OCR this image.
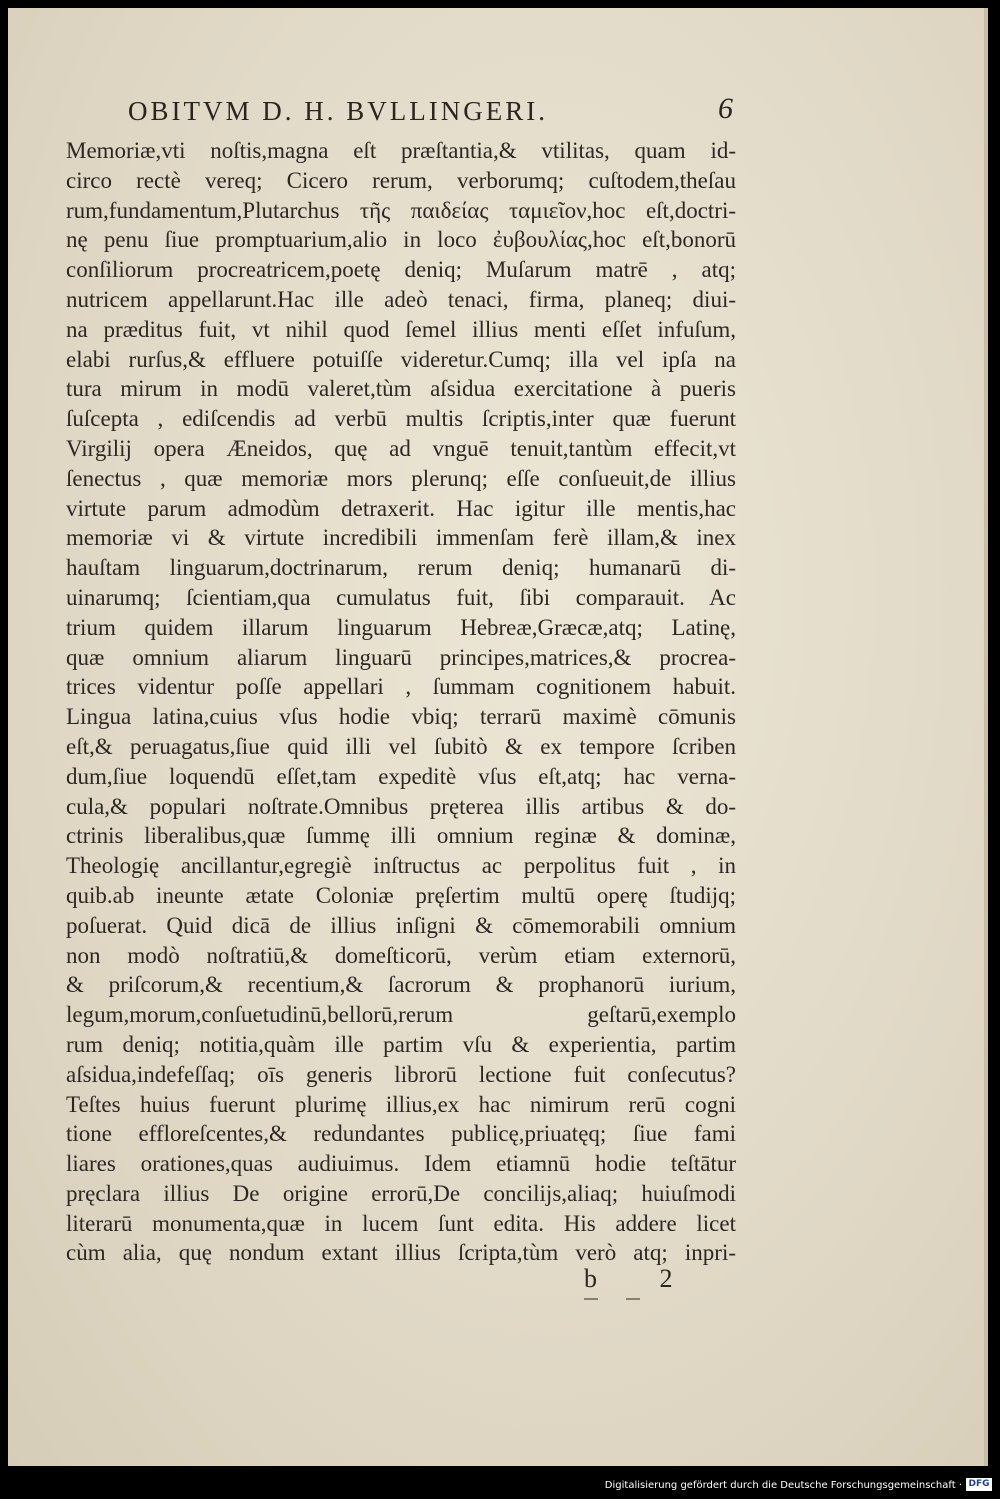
OBITVM D. H. BVLLINGERI.	6
Memoriæ,vti noſtis,magna eſt præſtantia,& vtilitas, quam id-
circo rectè vereq; Cicero rerum, verborumq; cuſtodem,theſau
rum,fundamentum,Plutarchus τῆς παιδείας ταμιεῖον,hoc eſt,doctri-
nę penu ſiue promptuarium,alio in loco ἐυβουλίας,hoc eſt,bonorū
conſiliorum procreatricem,poetę deniq; Muſarum matrē , atq;
nutricem appellarunt.Hac ille adeò tenaci, firma, planeq; diui-
na præditus fuit, vt nihil quod ſemel illius menti eſſet infuſum,
elabi rurſus,& effluere potuiſſe videretur.Cumq; illa vel ipſa na
tura mirum in modū valeret,tùm aſsidua exercitatione à pueris
ſuſcepta , ediſcendis ad verbū multis ſcriptis,inter quæ fuerunt
Virgilij opera Æneidos, quę ad vnguē tenuit,tantùm effecit,vt
ſenectus , quæ memoriæ mors plerunq; eſſe conſueuit,de illius
virtute parum admodùm detraxerit. Hac igitur ille mentis,hac
memoriæ vi & virtute incredibili immenſam ferè illam,& inex
hauſtam linguarum,doctrinarum, rerum deniq; humanarū di-
uinarumq; ſcientiam,qua cumulatus fuit, ſibi comparauit. Ac
trium quidem illarum linguarum Hebreæ,Græcæ,atq; Latinę,
quæ omnium aliarum linguarū principes,matrices,& procrea-
trices videntur poſſe appellari , ſummam cognitionem habuit.
Lingua latina,cuius vſus hodie vbiq; terrarū maximè cōmunis
eſt,& peruagatus,ſiue quid illi vel ſubitò & ex tempore ſcriben
dum,ſiue loquendū eſſet,tam expeditè vſus eſt,atq; hac verna-
cula,& populari noſtrate.Omnibus pręterea illis artibus & do-
ctrinis liberalibus,quæ ſummę illi omnium reginæ & dominæ,
Theologię ancillantur,egregiè inſtructus ac perpolitus fuit , in
quib.ab ineunte ætate Coloniæ pręſertim multū operę ſtudijq;
poſuerat. Quid dicā de illius inſigni & cōmemorabili omnium
non modò noſtratiū,& domeſticorū, verùm etiam externorū,
& priſcorum,& recentium,& ſacrorum & prophanorū iurium,
legum,morum,conſuetudinū,bellorū,rerum geſtarū,exemplo
rum deniq; notitia,quàm ille partim vſu & experientia, partim
aſsidua,indefeſſaq; oīs generis librorū lectione fuit conſecutus?
Teſtes huius fuerunt plurimę illius,ex hac nimirum rerū cogni
tione effloreſcentes,& redundantes publicę,priuatęq; ſiue fami
liares orationes,quas audiuimus. Idem etiamnū hodie teſtātur
pręclara illius De origine errorū,De concilijs,aliaq; huiuſmodi
literarū monumenta,quæ in lucem ſunt edita. His addere licet
cùm alia, quę nondum extant illius ſcripta,tùm verò atq; inpri-
b 2
Digitalisierung gefördert durch die Deutsche Forschungsgemeinschaft · DFG
